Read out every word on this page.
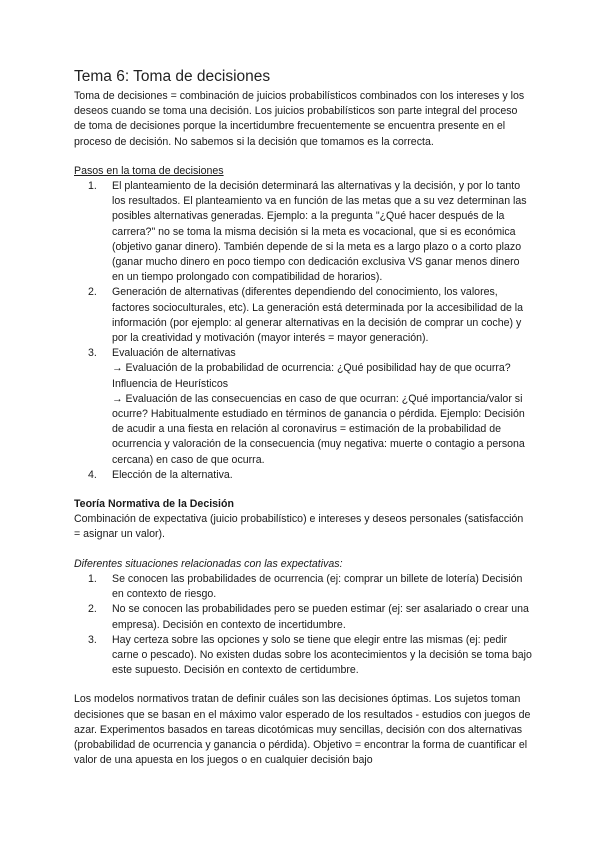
Tema 6: Toma de decisiones

Toma de decisiones = combinación de juicios probabilísticos combinados con los intereses y los deseos cuando se toma una decisión. Los juicios probabilísticos son parte integral del proceso de toma de decisiones porque la incertidumbre frecuentemente se encuentra presente en el proceso de decisión. No sabemos si la decisión que tomamos es la correcta.

Pasos en la toma de decisiones

1. El planteamiento de la decisión determinará las alternativas y la decisión, y por lo tanto los resultados. El planteamiento va en función de las metas que a su vez determinan las posibles alternativas generadas. Ejemplo: a la pregunta "¿Qué hacer después de la carrera?" no se toma la misma decisión si la meta es vocacional, que si es económica (objetivo ganar dinero). También depende de si la meta es a largo plazo o a corto plazo (ganar mucho dinero en poco tiempo con dedicación exclusiva VS ganar menos dinero en un tiempo prolongado con compatibilidad de horarios).
2. Generación de alternativas (diferentes dependiendo del conocimiento, los valores, factores socioculturales, etc). La generación está determinada por la accesibilidad de la información (por ejemplo: al generar alternativas en la decisión de comprar un coche) y por la creatividad y motivación (mayor interés = mayor generación).
3. Evaluación de alternativas
→ Evaluación de la probabilidad de ocurrencia: ¿Qué posibilidad hay de que ocurra? Influencia de Heurísticos
→ Evaluación de las consecuencias en caso de que ocurran: ¿Qué importancia/valor si ocurre? Habitualmente estudiado en términos de ganancia o pérdida. Ejemplo: Decisión de acudir a una fiesta en relación al coronavirus = estimación de la probabilidad de ocurrencia y valoración de la consecuencia (muy negativa: muerte o contagio a persona cercana) en caso de que ocurra.
4. Elección de la alternativa.

Teoría Normativa de la Decisión

Combinación de expectativa (juicio probabilístico) e intereses y deseos personales (satisfacción = asignar un valor).

Diferentes situaciones relacionadas con las expectativas:

1. Se conocen las probabilidades de ocurrencia (ej: comprar un billete de lotería) Decisión en contexto de riesgo.
2. No se conocen las probabilidades pero se pueden estimar (ej: ser asalariado o crear una empresa). Decisión en contexto de incertidumbre.
3. Hay certeza sobre las opciones y solo se tiene que elegir entre las mismas (ej: pedir carne o pescado). No existen dudas sobre los acontecimientos y la decisión se toma bajo este supuesto. Decisión en contexto de certidumbre.

Los modelos normativos tratan de definir cuáles son las decisiones óptimas. Los sujetos toman decisiones que se basan en el máximo valor esperado de los resultados - estudios con juegos de azar. Experimentos basados en tareas dicotómicas muy sencillas, decisión con dos alternativas (probabilidad de ocurrencia y ganancia o pérdida). Objetivo = encontrar la forma de cuantificar el valor de una apuesta en los juegos o en cualquier decisión bajo
